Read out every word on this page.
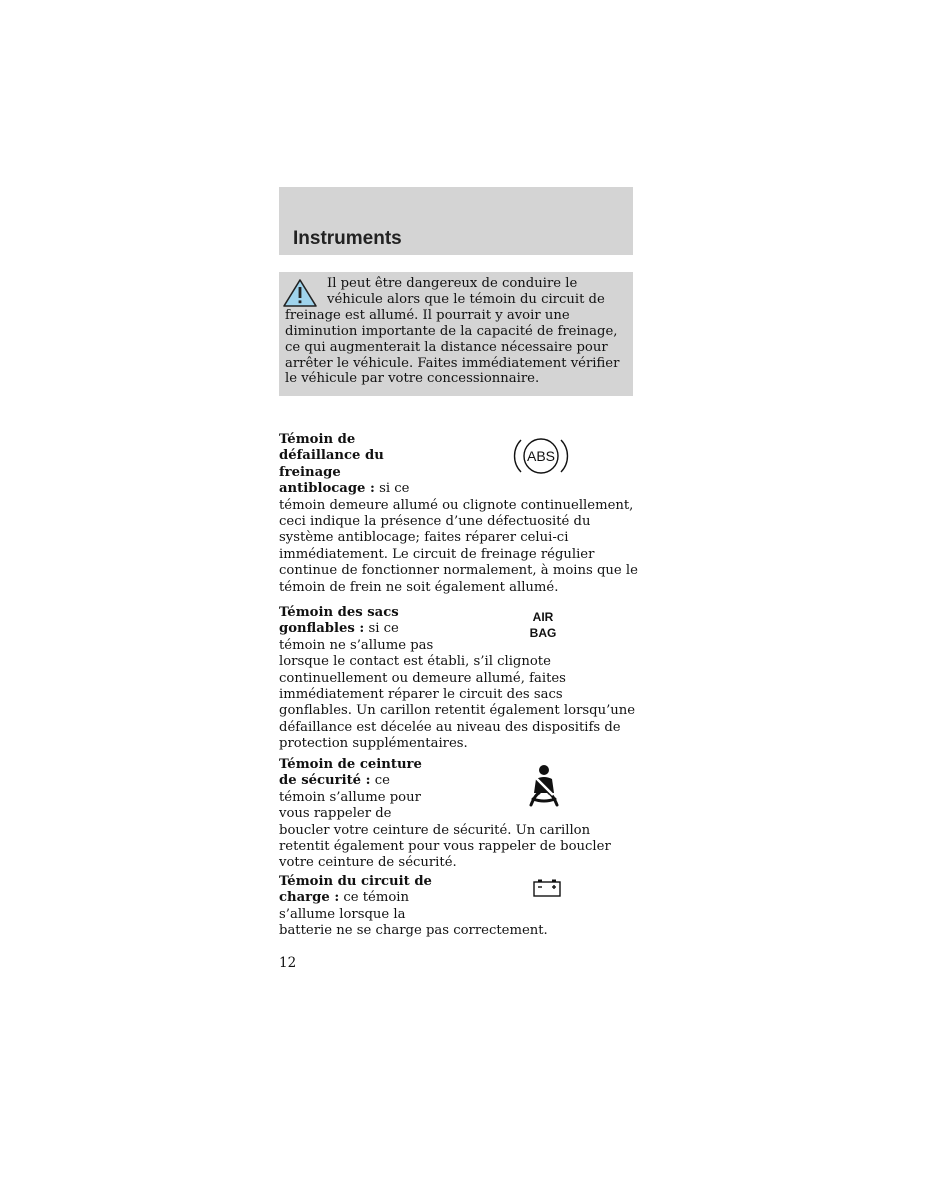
Instruments

Il peut être dangereux de conduire le véhicule alors que le témoin du circuit de freinage est allumé. Il pourrait y avoir une diminution importante de la capacité de freinage, ce qui augmenterait la distance nécessaire pour arrêter le véhicule. Faites immédiatement vérifier le véhicule par votre concessionnaire.

Témoin de défaillance du freinage antiblocage : si ce

témoin demeure allumé ou clignote continuellement, ceci indique la présence d’une défectuosité du système antiblocage; faites réparer celui-ci immédiatement. Le circuit de freinage régulier continue de fonctionner normalement, à moins que le témoin de frein ne soit également allumé.

ABS

Témoin des sacs gonflables : si ce témoin ne s’allume pas

lorsque le contact est établi, s’il clignote continuellement ou demeure allumé, faites immédiatement réparer le circuit des sacs gonflables. Un carillon retentit également lorsqu’une défaillance est décelée au niveau des dispositifs de protection supplémentaires.

AIR
BAG

Témoin de ceinture de sécurité : ce témoin s’allume pour vous rappeler de

boucler votre ceinture de sécurité. Un carillon retentit également pour vous rappeler de boucler votre ceinture de sécurité.

Témoin du circuit de charge : ce témoin s’allume lorsque la

batterie ne se charge pas correctement.

12
